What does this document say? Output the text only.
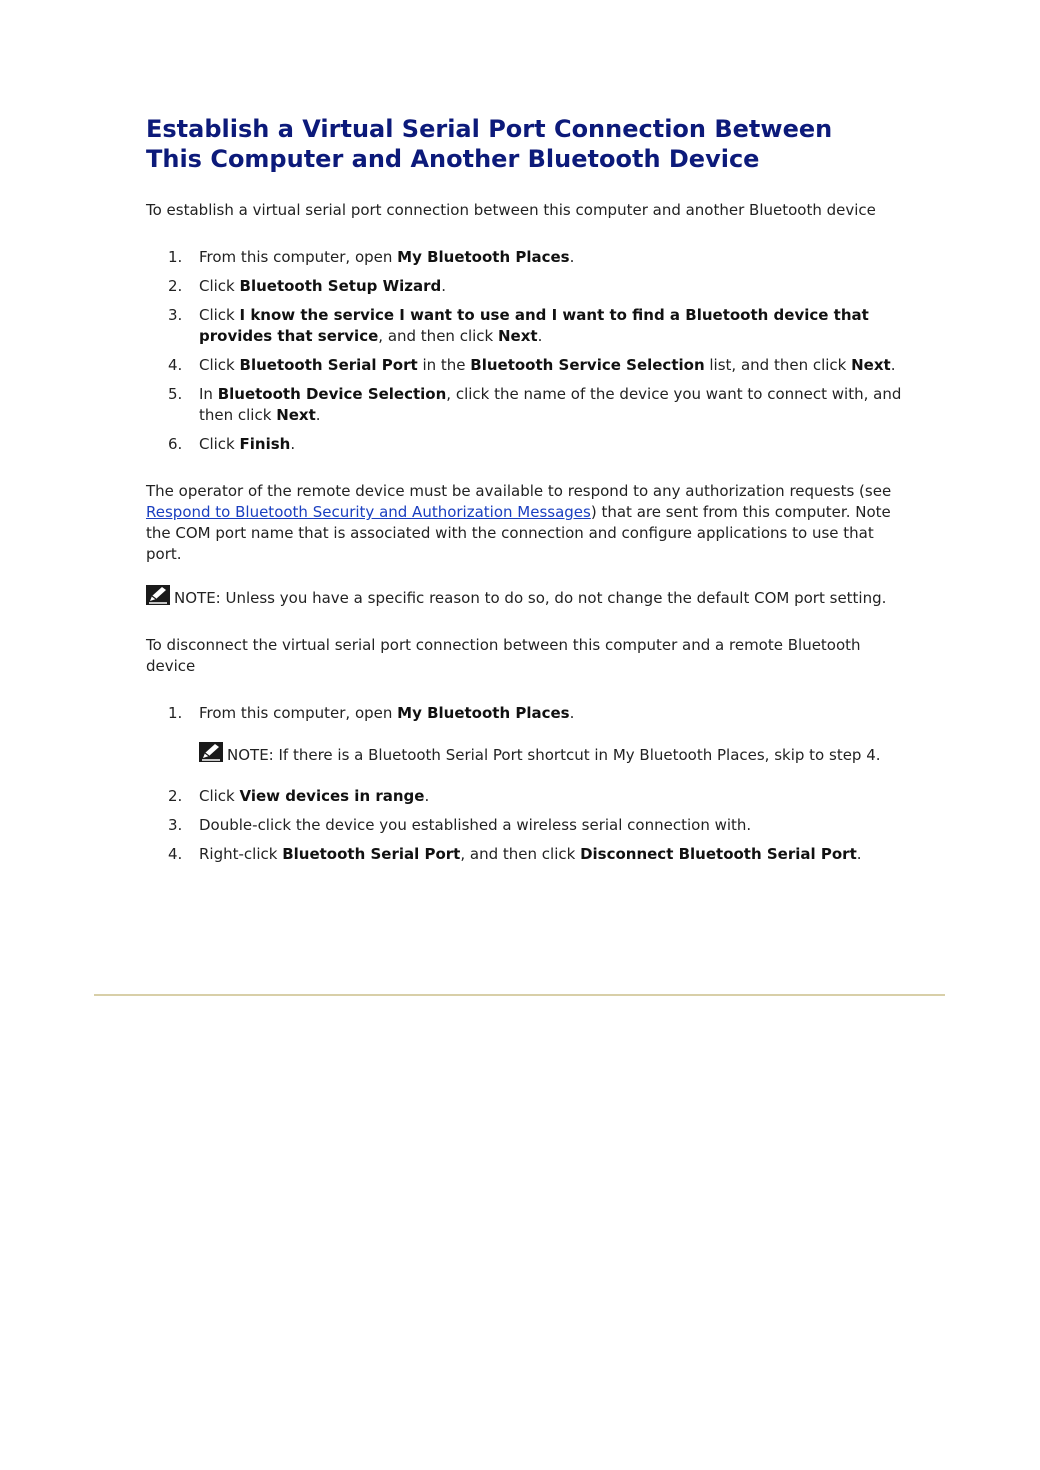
Establish a Virtual Serial Port Connection Between
This Computer and Another Bluetooth Device

To establish a virtual serial port connection between this computer and another Bluetooth device

1. From this computer, open My Bluetooth Places.
2. Click Bluetooth Setup Wizard.
3. Click I know the service I want to use and I want to find a Bluetooth device that provides that service, and then click Next.
4. Click Bluetooth Serial Port in the Bluetooth Service Selection list, and then click Next.
5. In Bluetooth Device Selection, click the name of the device you want to connect with, and then click Next.
6. Click Finish.

The operator of the remote device must be available to respond to any authorization requests (see Respond to Bluetooth Security and Authorization Messages) that are sent from this computer. Note the COM port name that is associated with the connection and configure applications to use that port.

NOTE: Unless you have a specific reason to do so, do not change the default COM port setting.

To disconnect the virtual serial port connection between this computer and a remote Bluetooth device

1. From this computer, open My Bluetooth Places.

NOTE: If there is a Bluetooth Serial Port shortcut in My Bluetooth Places, skip to step 4.

2. Click View devices in range.
3. Double-click the device you established a wireless serial connection with.
4. Right-click Bluetooth Serial Port, and then click Disconnect Bluetooth Serial Port.
